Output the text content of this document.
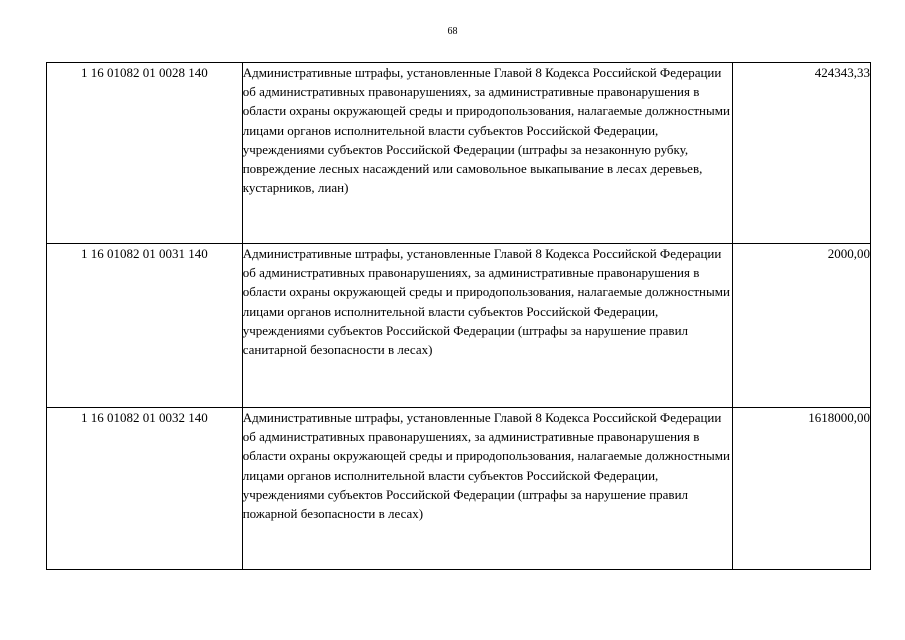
68
1 16 01082 01 0028 140	Административные штрафы, установленные Главой 8 Кодекса Российской Федерации об административных правонарушениях, за административные правонарушения в области охраны окружающей среды и природопользования, налагаемые должностными лицами органов исполнительной власти субъектов Российской Федерации, учреждениями субъектов Российской Федерации (штрафы за незаконную рубку, повреждение лесных насаждений или самовольное выкапывание в лесах деревьев, кустарников, лиан)	424343,33
1 16 01082 01 0031 140	Административные штрафы, установленные Главой 8 Кодекса Российской Федерации об административных правонарушениях, за административные правонарушения в области охраны окружающей среды и природопользования, налагаемые должностными лицами органов исполнительной власти субъектов Российской Федерации, учреждениями субъектов Российской Федерации (штрафы за нарушение правил санитарной безопасности в лесах)	2000,00
1 16 01082 01 0032 140	Административные штрафы, установленные Главой 8 Кодекса Российской Федерации об административных правонарушениях, за административные правонарушения в области охраны окружающей среды и природопользования, налагаемые должностными лицами органов исполнительной власти субъектов Российской Федерации, учреждениями субъектов Российской Федерации (штрафы за нарушение правил пожарной безопасности в лесах)	1618000,00
